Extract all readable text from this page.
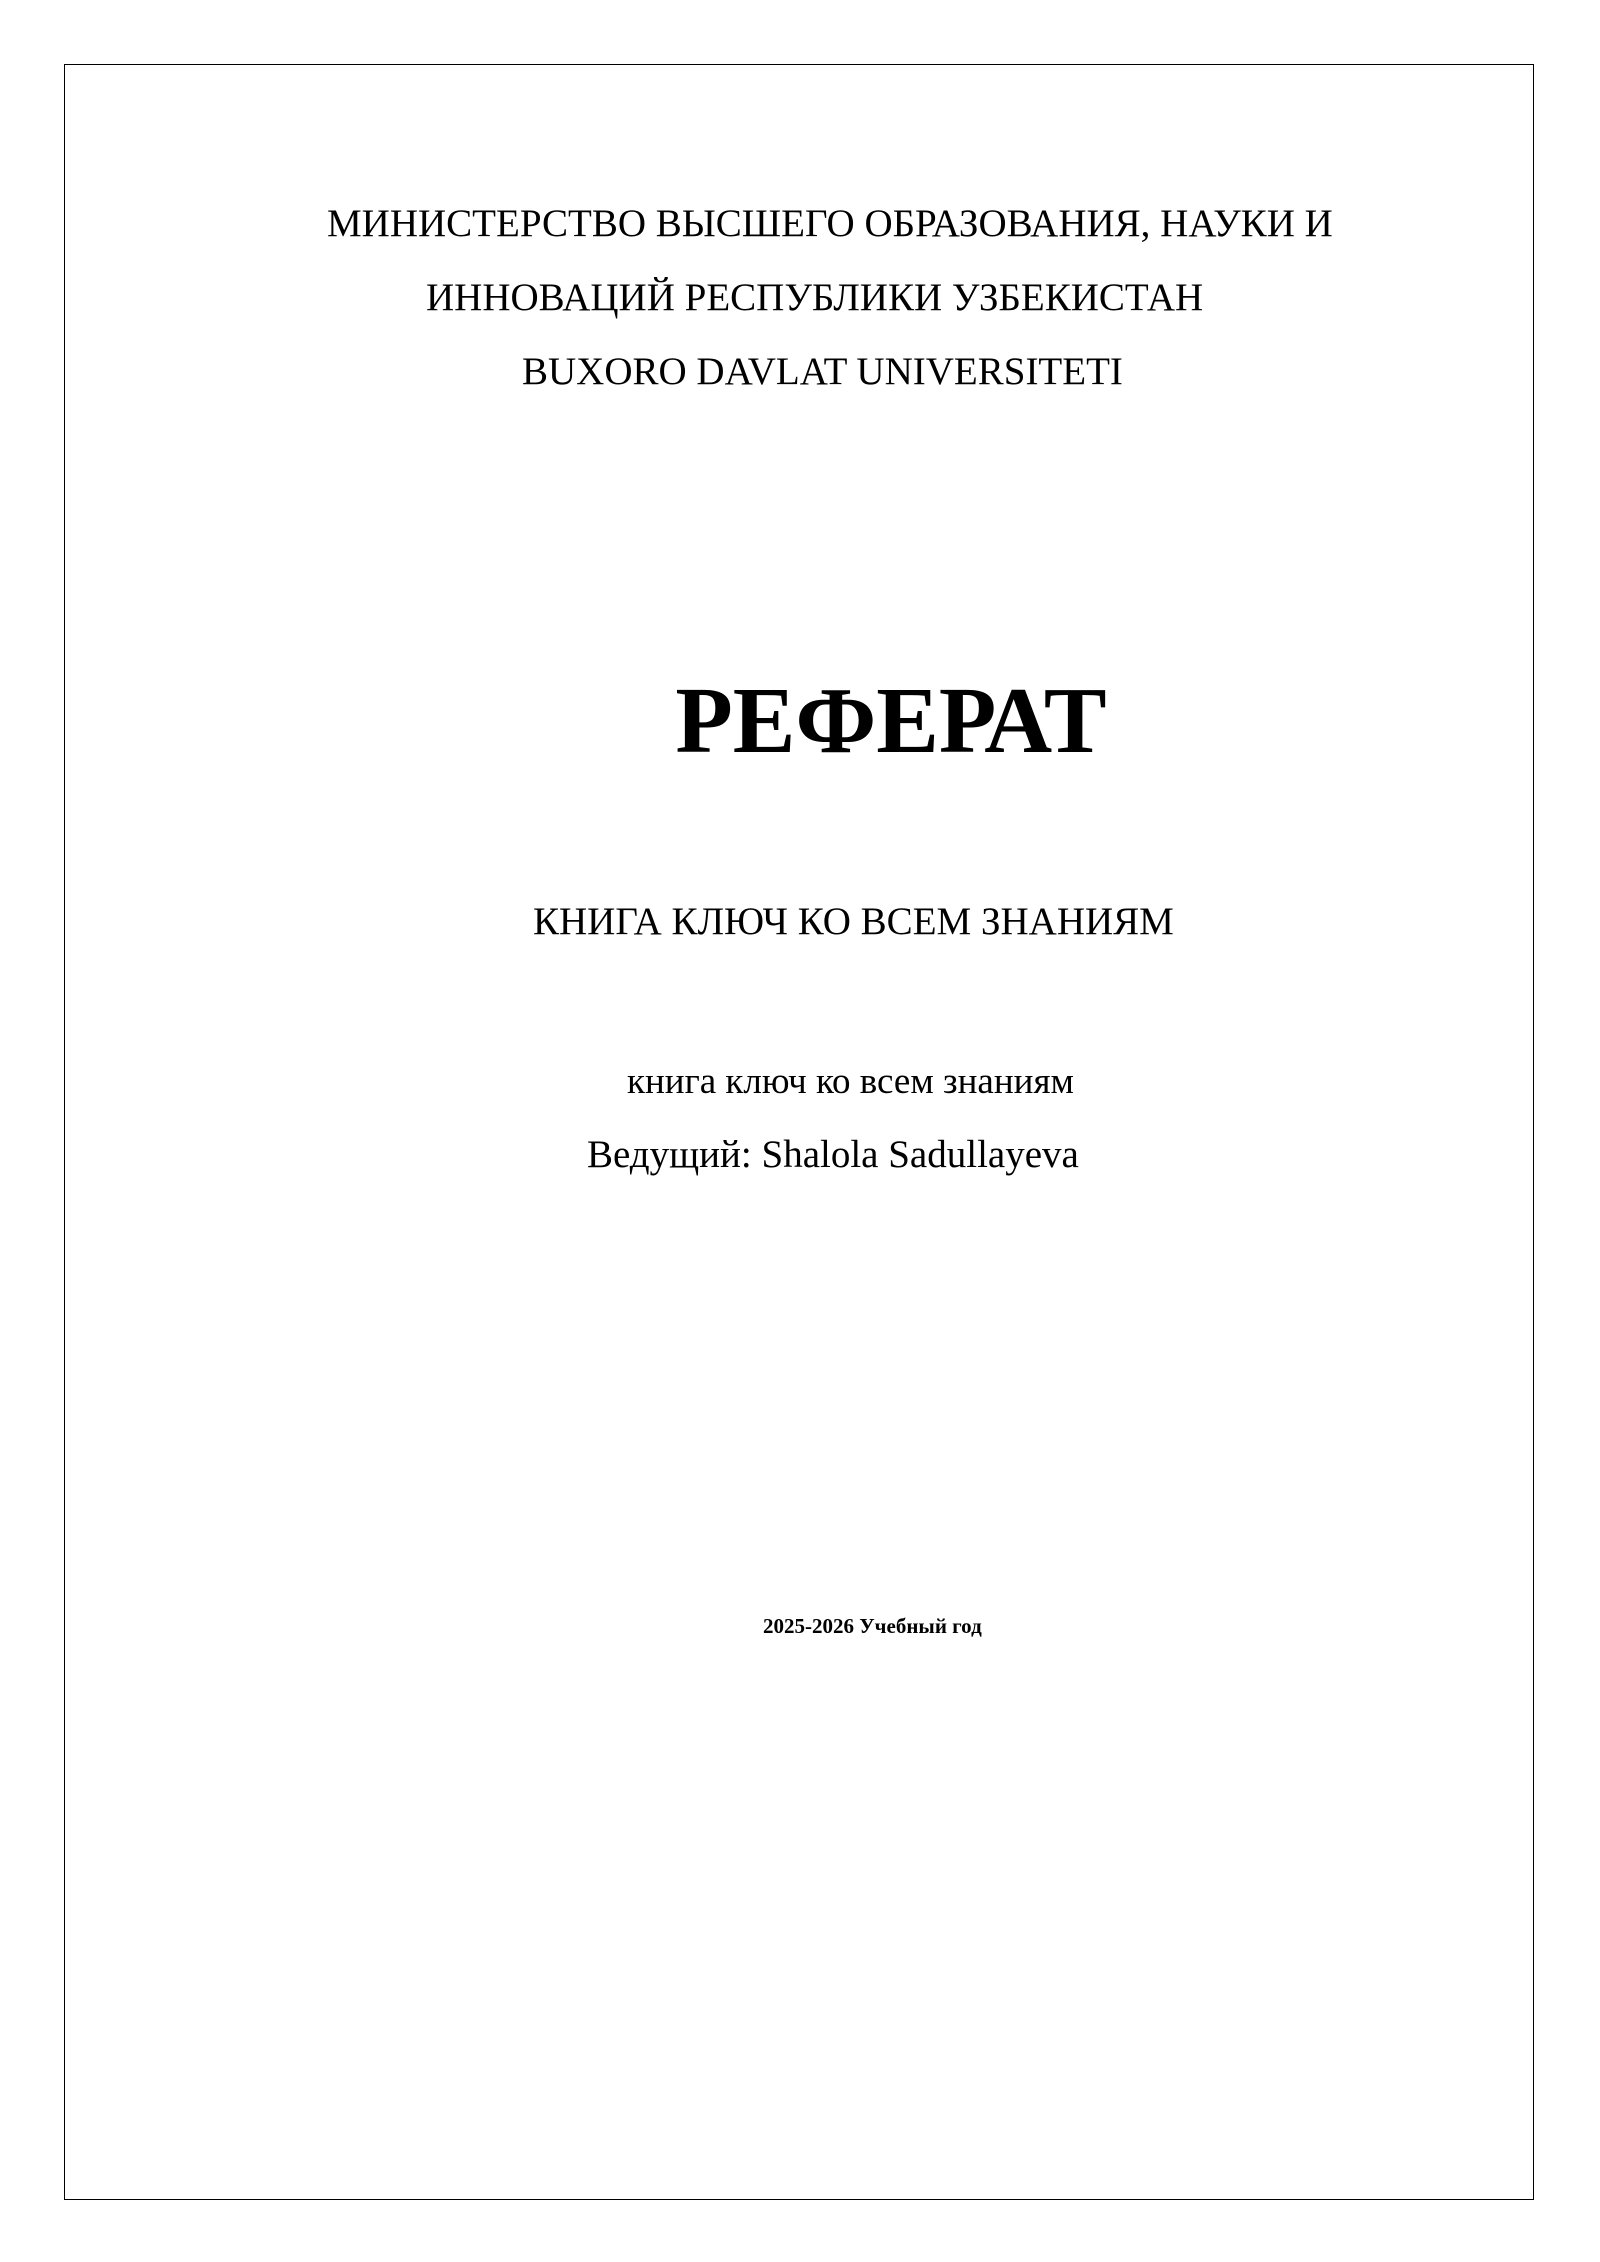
МИНИСТЕРСТВО ВЫСШЕГО ОБРАЗОВАНИЯ, НАУКИ И
ИННОВАЦИЙ РЕСПУБЛИКИ УЗБЕКИСТАН
BUXORO DAVLAT UNIVERSITETI
РЕФЕРАТ
КНИГА КЛЮЧ КО ВСЕМ ЗНАНИЯМ
книга ключ ко всем знаниям
Ведущий: Shalola Sadullayeva
2025-2026 Учебный год
